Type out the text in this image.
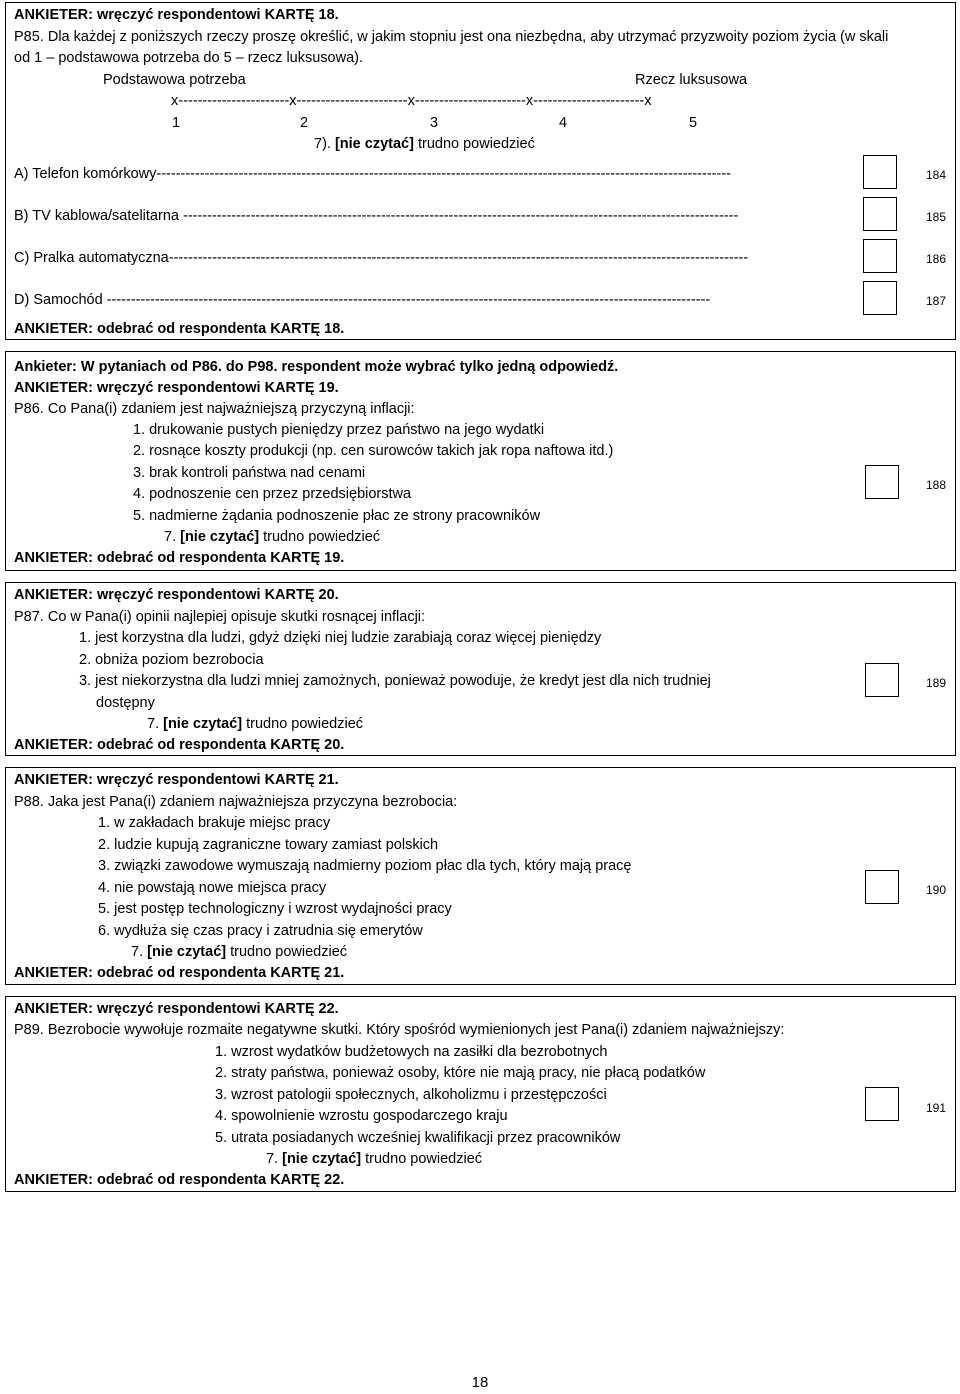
ANKIETER: wręczyć respondentowi KARTĘ 18.
P85. Dla każdej z poniższych rzeczy proszę określić, w jakim stopniu jest ona niezbędna, aby utrzymać przyzwoity poziom życia (w skali
od 1 – podstawowa potrzeba do 5 – rzecz luksusowa).
Podstawowa potrzeba	Rzecz luksusowa
x-----------------------x-----------------------x-----------------------x-----------------------x
1	2	3	4	5
7). [nie czytać] trudno powiedzieć
A) Telefon komórkowy-----------------------------------------------------------------------------------------------------------------------	184
B) TV kablowa/satelitarna -------------------------------------------------------------------------------------------------------------------	185
C) Pralka automatyczna------------------------------------------------------------------------------------------------------------------------	186
D) Samochód -----------------------------------------------------------------------------------------------------------------------------	187
ANKIETER: odebrać od respondenta KARTĘ 18.
Ankieter: W pytaniach od P86. do P98. respondent może wybrać tylko jedną odpowiedź.
ANKIETER: wręczyć respondentowi KARTĘ 19.
P86. Co Pana(i) zdaniem jest najważniejszą przyczyną inflacji:
1. drukowanie pustych pieniędzy przez państwo na jego wydatki
2. rosnące koszty produkcji (np. cen surowców takich jak ropa naftowa itd.)
3. brak kontroli państwa nad cenami
4. podnoszenie cen przez przedsiębiorstwa
5. nadmierne żądania podnoszenie płac ze strony pracowników
7. [nie czytać] trudno powiedzieć
ANKIETER: odebrać od respondenta KARTĘ 19.
188
ANKIETER: wręczyć respondentowi KARTĘ 20.
P87. Co w Pana(i) opinii najlepiej opisuje skutki rosnącej inflacji:
1. jest korzystna dla ludzi, gdyż dzięki niej ludzie zarabiają coraz więcej pieniędzy
2. obniża poziom bezrobocia
3. jest niekorzystna dla ludzi mniej zamożnych, ponieważ powoduje, że kredyt jest dla nich trudniej
dostępny
7. [nie czytać] trudno powiedzieć
ANKIETER: odebrać od respondenta KARTĘ 20.
189
ANKIETER: wręczyć respondentowi KARTĘ 21.
P88. Jaka jest Pana(i) zdaniem najważniejsza przyczyna bezrobocia:
1. w zakładach brakuje miejsc pracy
2. ludzie kupują zagraniczne towary zamiast polskich
3. związki zawodowe wymuszają nadmierny poziom płac dla tych, który mają pracę
4. nie powstają nowe miejsca pracy
5. jest postęp technologiczny i wzrost wydajności pracy
6. wydłuża się czas pracy i zatrudnia się emerytów
7. [nie czytać] trudno powiedzieć
ANKIETER: odebrać od respondenta KARTĘ 21.
190
ANKIETER: wręczyć respondentowi KARTĘ 22.
P89. Bezrobocie wywołuje rozmaite negatywne skutki. Który spośród wymienionych jest Pana(i) zdaniem najważniejszy:
1. wzrost wydatków budżetowych na zasiłki dla bezrobotnych
2. straty państwa, ponieważ osoby, które nie mają pracy, nie płacą podatków
3. wzrost patologii społecznych, alkoholizmu i przestępczości
4. spowolnienie wzrostu gospodarczego kraju
5. utrata posiadanych wcześniej kwalifikacji przez pracowników
7. [nie czytać] trudno powiedzieć
ANKIETER: odebrać od respondenta KARTĘ 22.
191
18
